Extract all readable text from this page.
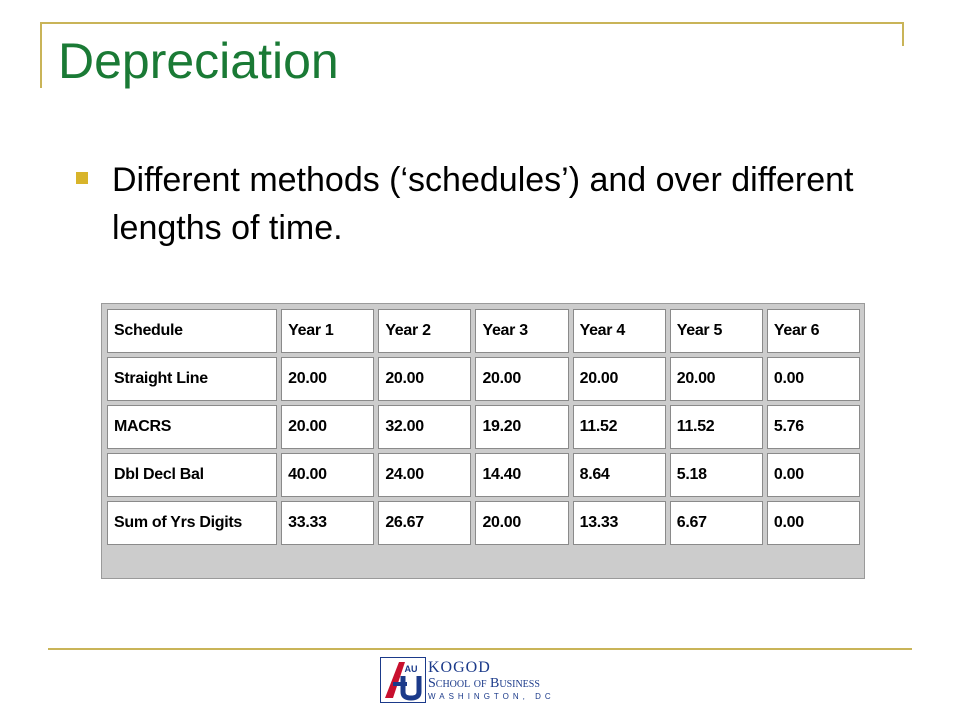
Depreciation
Different methods (‘schedules’) and over different lengths of time.
Schedule	Year 1	Year 2	Year 3	Year 4	Year 5	Year 6
Straight Line	20.00	20.00	20.00	20.00	20.00	0.00
MACRS	20.00	32.00	19.20	11.52	11.52	5.76
Dbl Decl Bal	40.00	24.00	14.40	8.64	5.18	0.00
Sum of Yrs Digits	33.33	26.67	20.00	13.33	6.67	0.00
AU KOGOD
School of Business
WASHINGTON, DC
